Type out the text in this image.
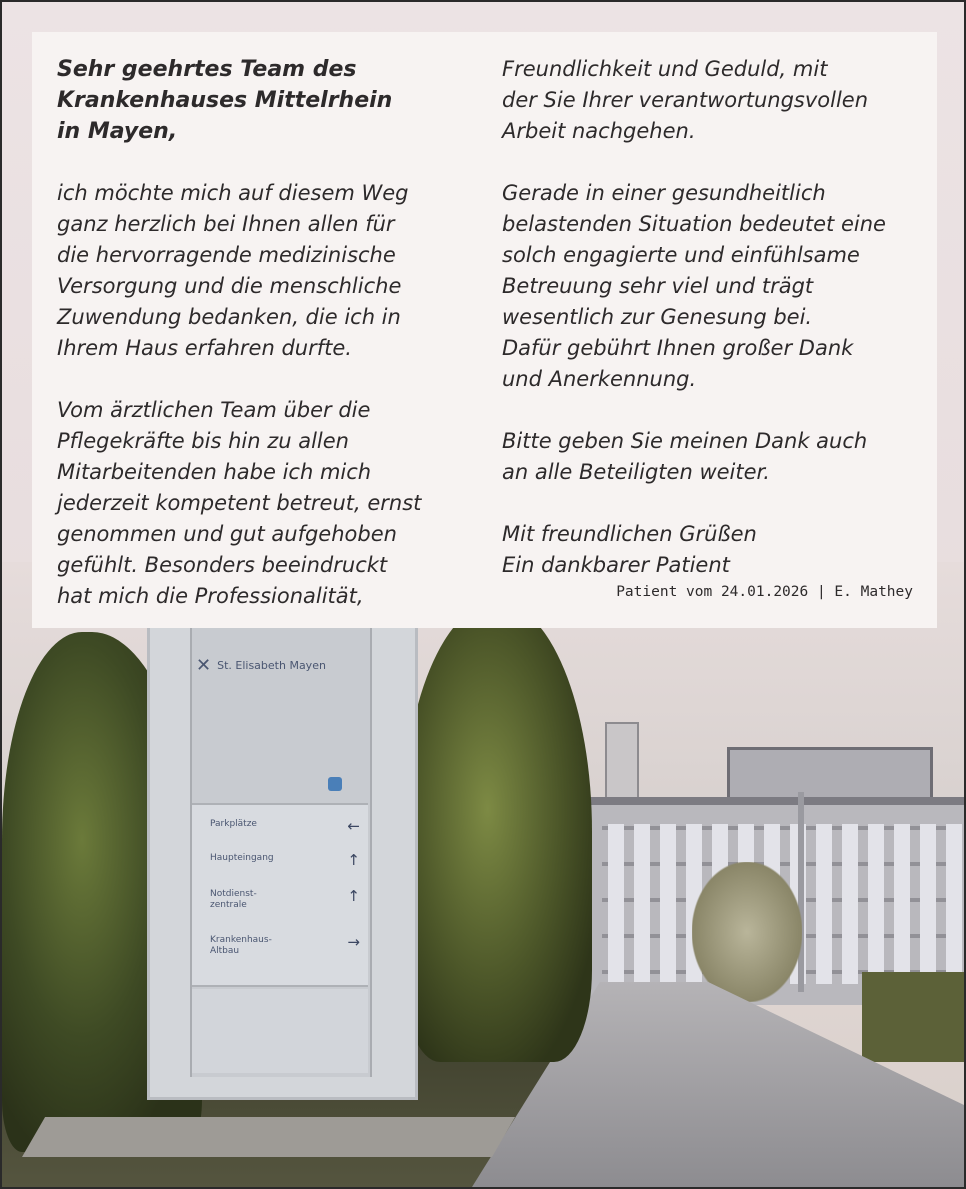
✕ St. Elisabeth Mayen
Parkplätze	←
Haupteingang	↑
Notdienst-
zentrale	↑
Krankenhaus-
Altbau	→

Sehr geehrtes Team des
Krankenhauses Mittelrhein
in Mayen,

ich möchte mich auf diesem Weg
ganz herzlich bei Ihnen allen für
die hervorragende medizinische
Versorgung und die menschliche
Zuwendung bedanken, die ich in
Ihrem Haus erfahren durfte.

Vom ärztlichen Team über die
Pflegekräfte bis hin zu allen
Mitarbeitenden habe ich mich
jederzeit kompetent betreut, ernst
genommen und gut aufgehoben
gefühlt. Besonders beeindruckt
hat mich die Professionalität,

Freundlichkeit und Geduld, mit
der Sie Ihrer verantwortungsvollen
Arbeit nachgehen.

Gerade in einer gesundheitlich
belastenden Situation bedeutet eine
solch engagierte und einfühlsame
Betreuung sehr viel und trägt
wesentlich zur Genesung bei.
Dafür gebührt Ihnen großer Dank
und Anerkennung.

Bitte geben Sie meinen Dank auch
an alle Beteiligten weiter.

Mit freundlichen Grüßen
Ein dankbarer Patient

Patient vom 24.01.2026 | E. Mathey
